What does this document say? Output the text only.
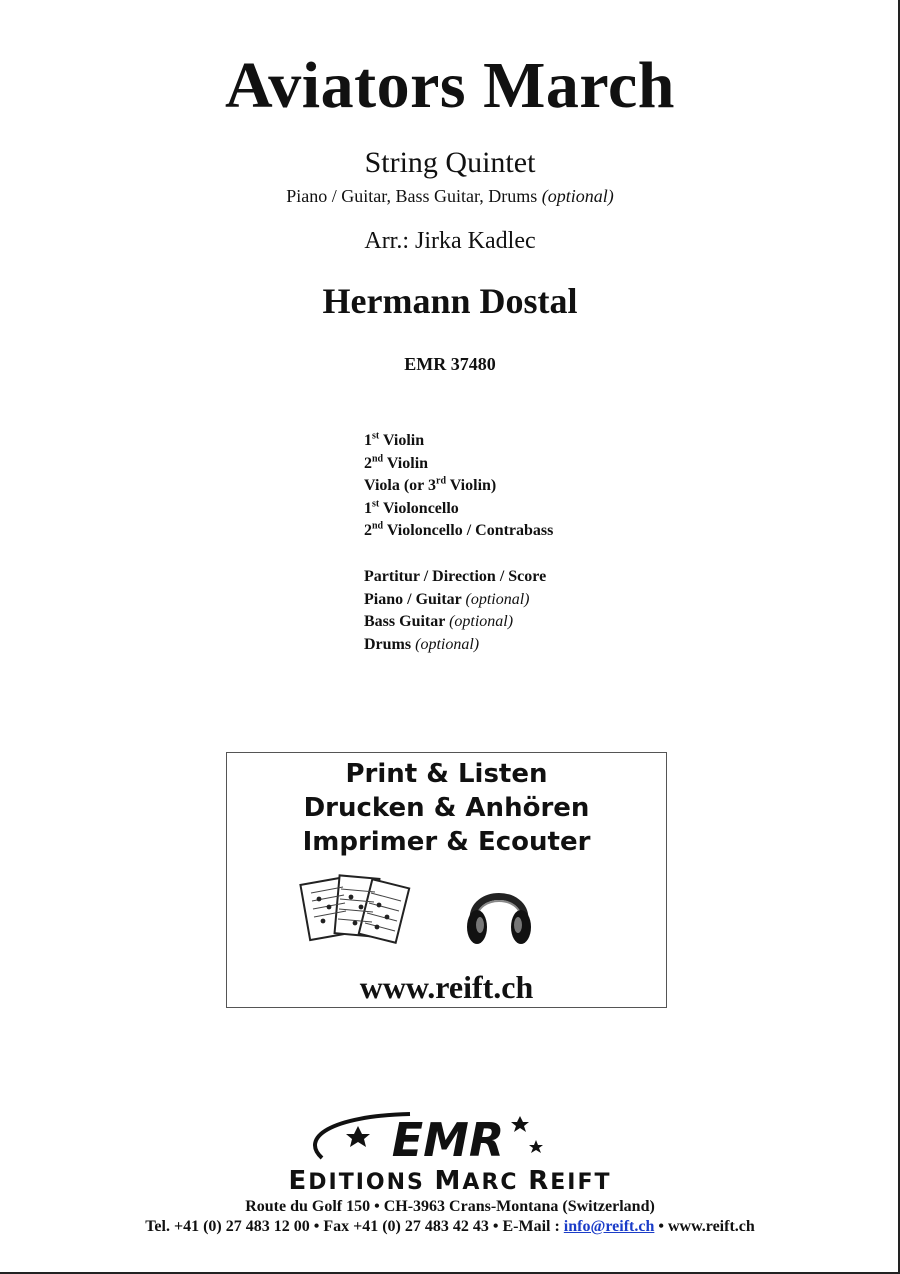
Aviators March
String Quintet
Piano / Guitar, Bass Guitar, Drums (optional)
Arr.: Jirka Kadlec
Hermann Dostal
EMR 37480
1st Violin
2nd Violin
Viola (or 3rd Violin)
1st Violoncello
2nd Violoncello / Contrabass
Partitur / Direction / Score
Piano / Guitar (optional)
Bass Guitar (optional)
Drums (optional)
Print & Listen
Drucken & Anhören
Imprimer & Ecouter
www.reift.ch
EMR
EDITIONS MARC REIFT
Route du Golf 150 • CH-3963 Crans-Montana (Switzerland)
Tel. +41 (0) 27 483 12 00 • Fax +41 (0) 27 483 42 43 • E-Mail : info@reift.ch • www.reift.ch
